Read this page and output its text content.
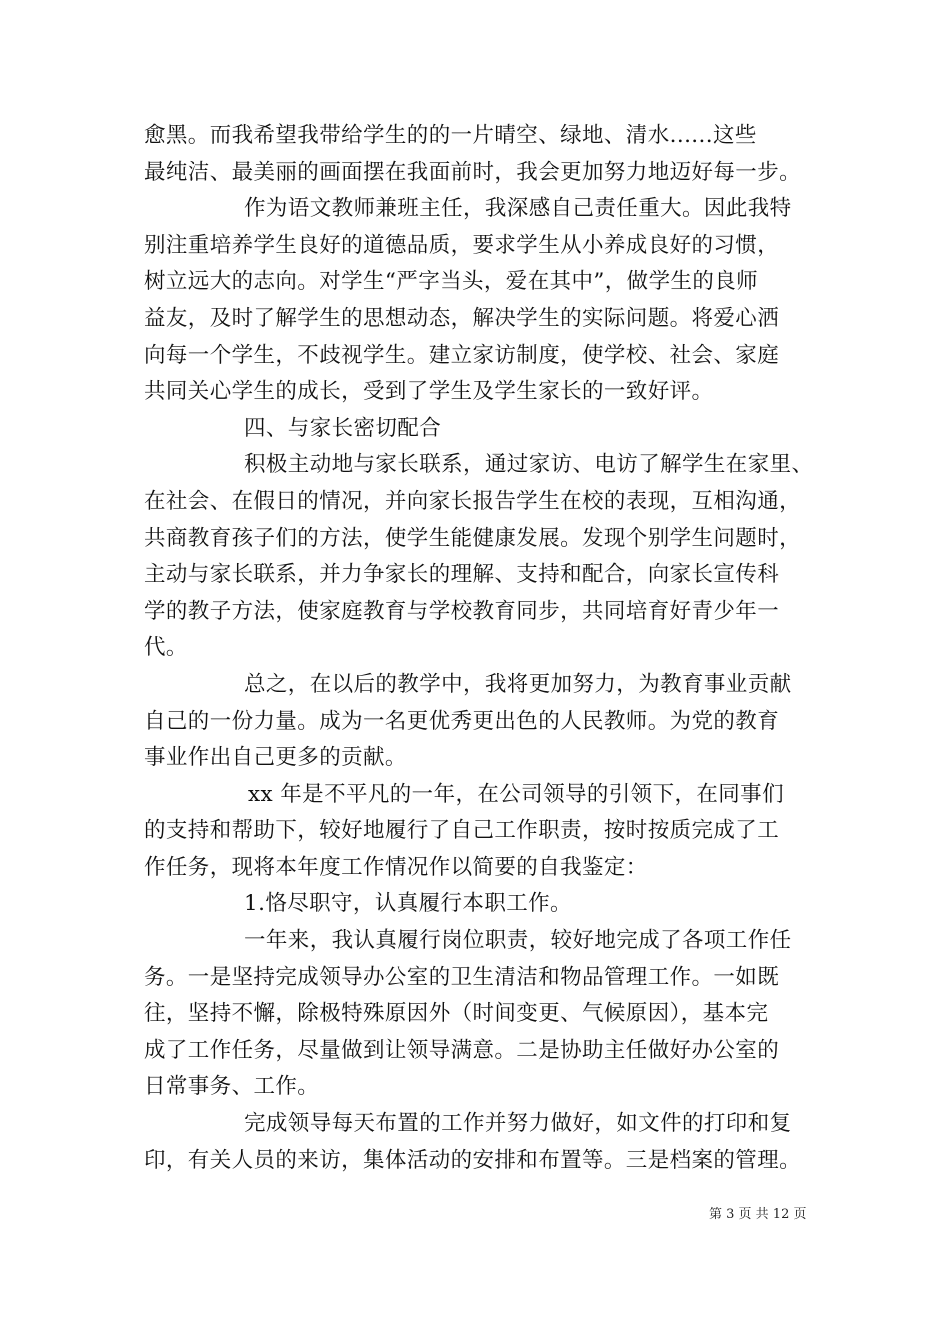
愈黑。而我希望我带给学生的的一片晴空、绿地、清水......这些
最纯洁、最美丽的画面摆在我面前时，我会更加努力地迈好每一步。
作为语文教师兼班主任，我深感自己责任重大。因此我特
别注重培养学生良好的道德品质，要求学生从小养成良好的习惯，
树立远大的志向。对学生“严字当头，爱在其中”，做学生的良师
益友，及时了解学生的思想动态，解决学生的实际问题。将爱心洒
向每一个学生，不歧视学生。建立家访制度，使学校、社会、家庭
共同关心学生的成长，受到了学生及学生家长的一致好评。
四、与家长密切配合
积极主动地与家长联系，通过家访、电访了解学生在家里、
在社会、在假日的情况，并向家长报告学生在校的表现，互相沟通，
共商教育孩子们的方法，使学生能健康发展。发现个别学生问题时，
主动与家长联系，并力争家长的理解、支持和配合，向家长宣传科
学的教子方法，使家庭教育与学校教育同步，共同培育好青少年一
代。
总之，在以后的教学中，我将更加努力，为教育事业贡献
自己的一份力量。成为一名更优秀更出色的人民教师。为党的教育
事业作出自己更多的贡献。
xx 年是不平凡的一年，在公司领导的引领下，在同事们
的支持和帮助下，较好地履行了自己工作职责，按时按质完成了工
作任务，现将本年度工作情况作以简要的自我鉴定：
1.恪尽职守，认真履行本职工作。
一年来，我认真履行岗位职责，较好地完成了各项工作任
务。一是坚持完成领导办公室的卫生清洁和物品管理工作。一如既
往，坚持不懈，除极特殊原因外（时间变更、气候原因），基本完
成了工作任务，尽量做到让领导满意。二是协助主任做好办公室的
日常事务、工作。
完成领导每天布置的工作并努力做好，如文件的打印和复
印，有关人员的来访，集体活动的安排和布置等。三是档案的管理。
第 3 页 共 12 页
